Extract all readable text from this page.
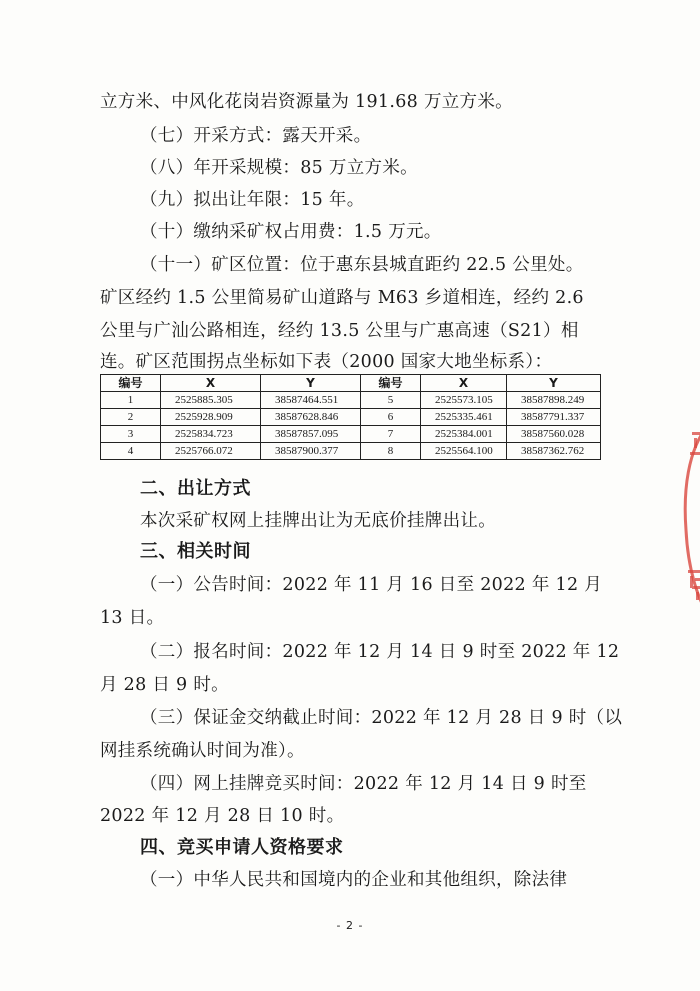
立方米、中风化花岗岩资源量为 191.68 万立方米。
（七）开采方式：露天开采。
（八）年开采规模：85 万立方米。
（九）拟出让年限：15 年。
（十）缴纳采矿权占用费：1.5 万元。
（十一）矿区位置：位于惠东县城直距约 22.5 公里处。
矿区经约 1.5 公里简易矿山道路与 M63 乡道相连，经约 2.6
公里与广汕公路相连，经约 13.5 公里与广惠高速（S21）相
连。矿区范围拐点坐标如下表（2000 国家大地坐标系）：
编号	X	Y	编号	X	Y
1	2525885.305	38587464.551	5	2525573.105	38587898.249
2	2525928.909	38587628.846	6	2525335.461	38587791.337
3	2525834.723	38587857.095	7	2525384.001	38587560.028
4	2525766.072	38587900.377	8	2525564.100	38587362.762
二、出让方式
本次采矿权网上挂牌出让为无底价挂牌出让。
三、相关时间
（一）公告时间：2022 年 11 月 16 日至 2022 年 12 月
13 日。
（二）报名时间：2022 年 12 月 14 日 9 时至 2022 年 12
月 28 日 9 时。
（三）保证金交纳截止时间：2022 年 12 月 28 日 9 时（以
网挂系统确认时间为准）。
（四）网上挂牌竞买时间：2022 年 12 月 14 日 9 时至
2022 年 12 月 28 日 10 时。
四、竞买申请人资格要求
（一）中华人民共和国境内的企业和其他组织，除法律
- 2 -
